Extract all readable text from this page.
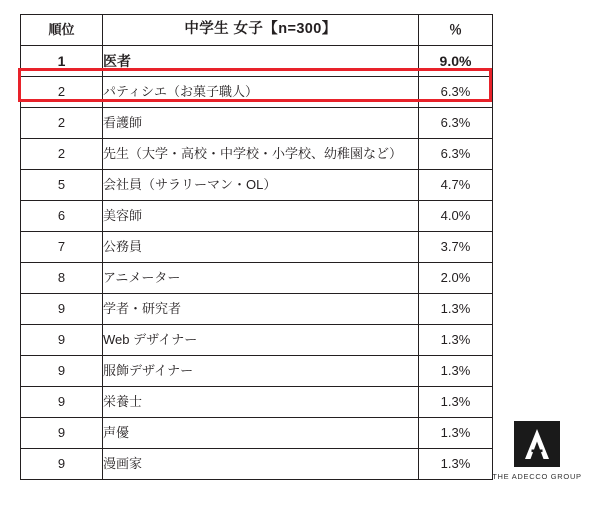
順位	中学生 女子【n=300】	％
1	医者	9.0%
2	パティシエ（お菓子職人）	6.3%
2	看護師	6.3%
2	先生（大学・高校・中学校・小学校、幼稚園など）	6.3%
5	会社員（サラリーマン・OL）	4.7%
6	美容師	4.0%
7	公務員	3.7%
8	アニメーター	2.0%
9	学者・研究者	1.3%
9	Web デザイナー	1.3%
9	服飾デザイナー	1.3%
9	栄養士	1.3%
9	声優	1.3%
9	漫画家	1.3%
THE ADECCO GROUP
